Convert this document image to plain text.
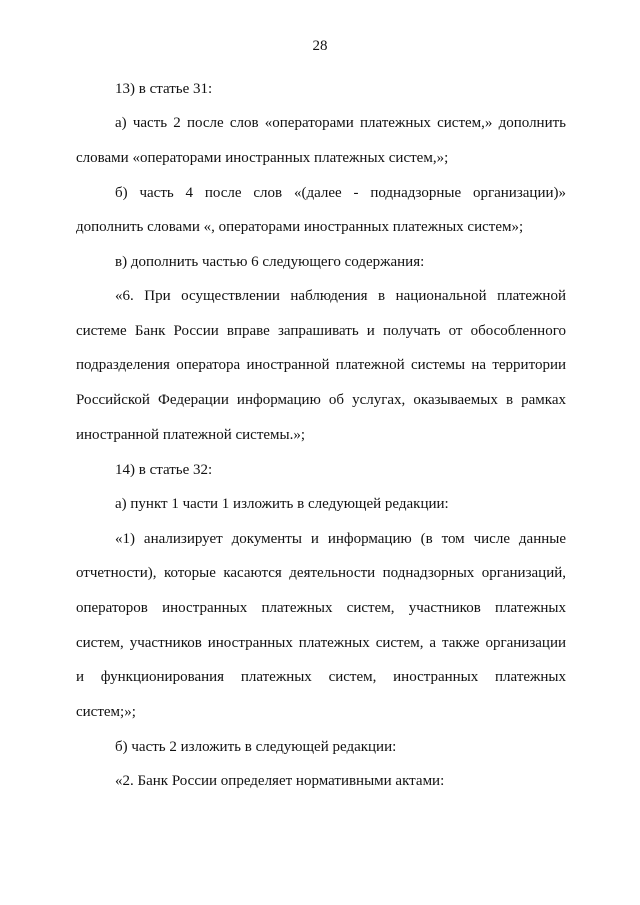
28
13) в статье 31:
а) часть 2 после слов «операторами платежных систем,» дополнить
словами «операторами иностранных платежных систем,»;
б) часть 4 после слов «(далее - поднадзорные организации)»
дополнить словами «, операторами иностранных платежных систем»;
в) дополнить частью 6 следующего содержания:
«6. При осуществлении наблюдения в национальной платежной
системе Банк России вправе запрашивать и получать от обособленного
подразделения оператора иностранной платежной системы на территории
Российской Федерации информацию об услугах, оказываемых в рамках
иностранной платежной системы.»;
14) в статье 32:
а) пункт 1 части 1 изложить в следующей редакции:
«1) анализирует документы и информацию (в том числе данные
отчетности), которые касаются деятельности поднадзорных организаций,
операторов иностранных платежных систем, участников платежных
систем, участников иностранных платежных систем, а также организации
и функционирования платежных систем, иностранных платежных
систем;»;
б) часть 2 изложить в следующей редакции:
«2. Банк России определяет нормативными актами:
